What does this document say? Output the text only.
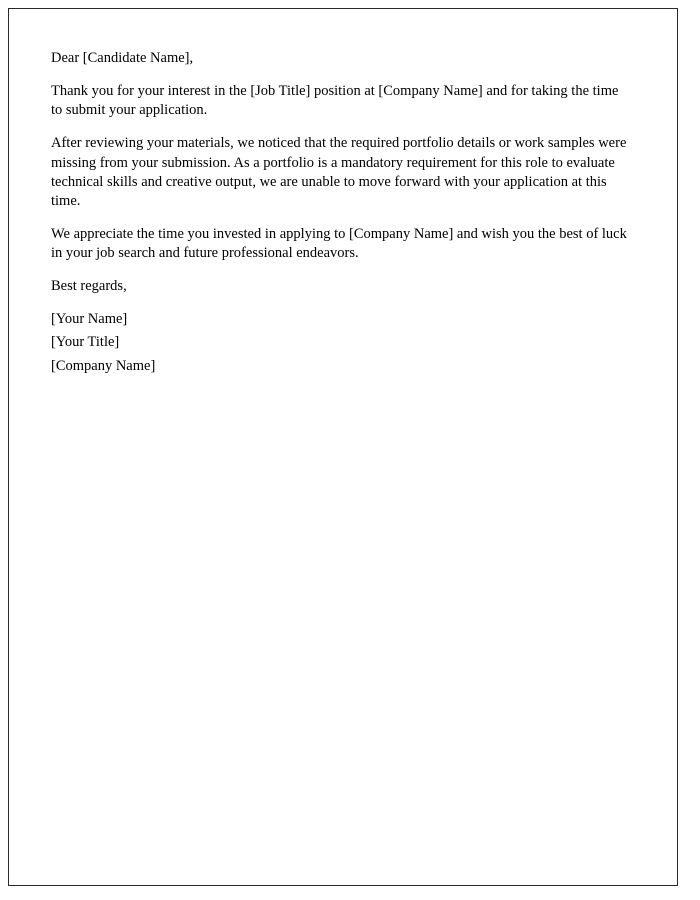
Dear [Candidate Name],

Thank you for your interest in the [Job Title] position at [Company Name] and for taking the time to submit your application.

After reviewing your materials, we noticed that the required portfolio details or work samples were missing from your submission. As a portfolio is a mandatory requirement for this role to evaluate technical skills and creative output, we are unable to move forward with your application at this time.

We appreciate the time you invested in applying to [Company Name] and wish you the best of luck in your job search and future professional endeavors.

Best regards,

[Your Name]
[Your Title]
[Company Name]
